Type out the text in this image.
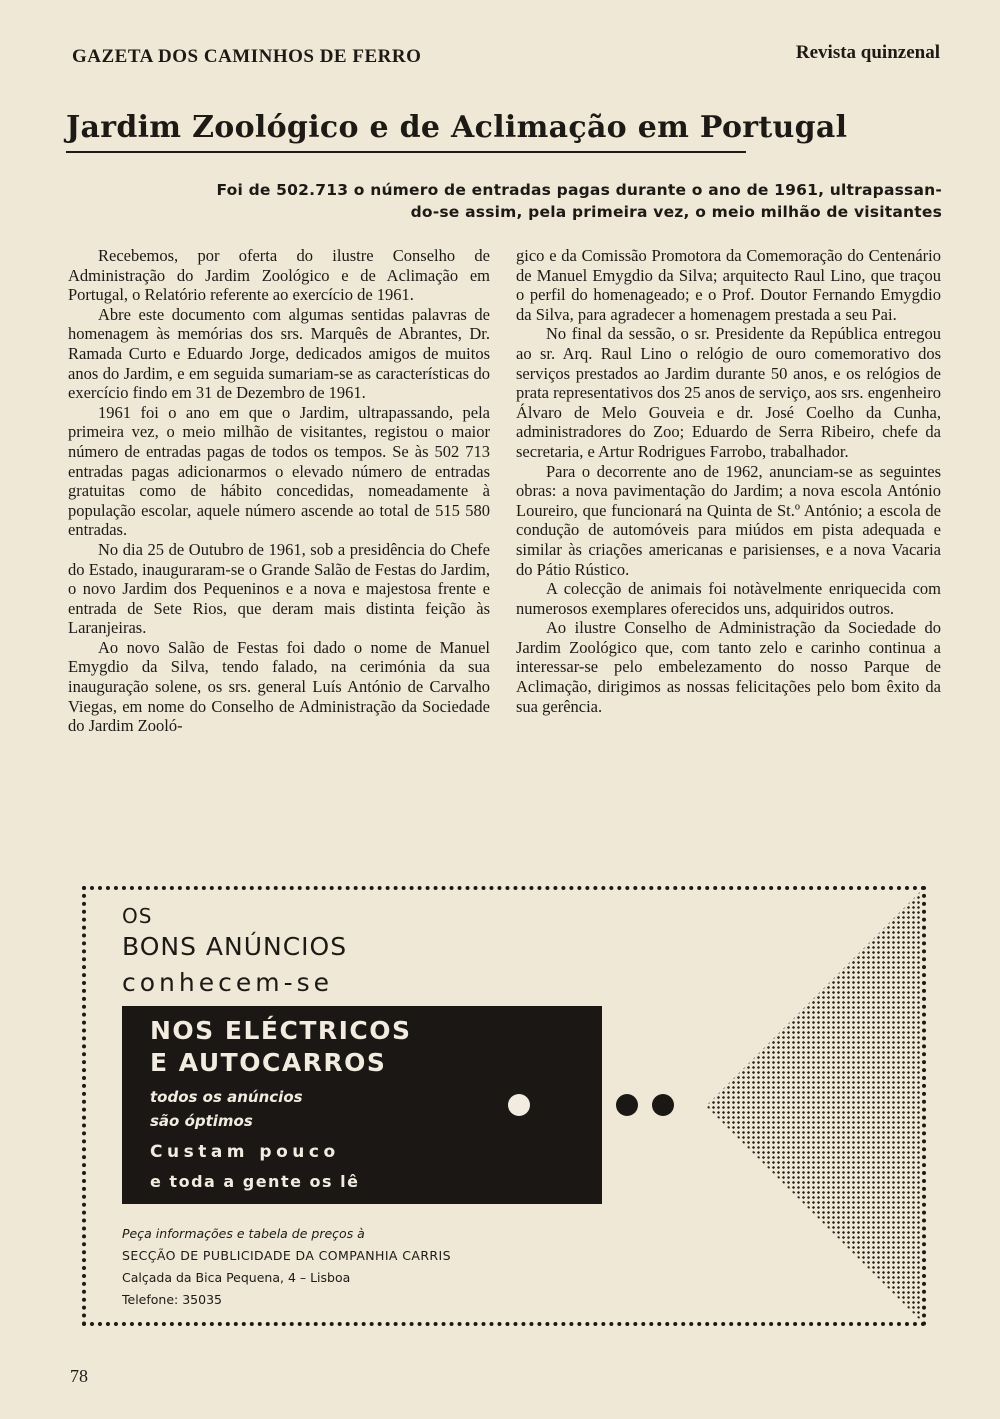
GAZETA DOS CAMINHOS DE FERRO	Revista quinzenal
Jardim Zoológico e de Aclimação em Portugal
Foi de 502.713 o número de entradas pagas durante o ano de 1961, ultrapassan-
do-se assim, pela primeira vez, o meio milhão de visitantes

Recebemos, por oferta do ilustre Conselho de Administração do Jardim Zoológico e de Aclimação em Portugal, o Relatório referente ao exercício de 1961.

Abre este documento com algumas sentidas palavras de homenagem às memórias dos srs. Marquês de Abrantes, Dr. Ramada Curto e Eduardo Jorge, dedicados amigos de muitos anos do Jardim, e em seguida sumariam-se as características do exercício findo em 31 de Dezembro de 1961.

1961 foi o ano em que o Jardim, ultrapassando, pela primeira vez, o meio milhão de visitantes, registou o maior número de entradas pagas de todos os tempos. Se às 502 713 entradas pagas adicionarmos o elevado número de entradas gratuitas como de hábito concedidas, nomeadamente à população escolar, aquele número ascende ao total de 515 580 entradas.

No dia 25 de Outubro de 1961, sob a presidência do Chefe do Estado, inauguraram-se o Grande Salão de Festas do Jardim, o novo Jardim dos Pequeninos e a nova e majestosa frente e entrada de Sete Rios, que deram mais distinta feição às Laranjeiras.

Ao novo Salão de Festas foi dado o nome de Manuel Emygdio da Silva, tendo falado, na cerimónia da sua inauguração solene, os srs. general Luís António de Carvalho Viegas, em nome do Conselho de Administração da Sociedade do Jardim Zooló-

gico e da Comissão Promotora da Comemoração do Centenário de Manuel Emygdio da Silva; arquitecto Raul Lino, que traçou o perfil do homenageado; e o Prof. Doutor Fernando Emygdio da Silva, para agradecer a homenagem prestada a seu Pai.

No final da sessão, o sr. Presidente da República entregou ao sr. Arq. Raul Lino o relógio de ouro comemorativo dos serviços prestados ao Jardim durante 50 anos, e os relógios de prata representativos dos 25 anos de serviço, aos srs. engenheiro Álvaro de Melo Gouveia e dr. José Coelho da Cunha, administradores do Zoo; Eduardo de Serra Ribeiro, chefe da secretaria, e Artur Rodrigues Farrobo, trabalhador.

Para o decorrente ano de 1962, anunciam-se as seguintes obras: a nova pavimentação do Jardim; a nova escola António Loureiro, que funcionará na Quinta de St.º António; a escola de condução de automóveis para miúdos em pista adequada e similar às criações americanas e parisienses, e a nova Vacaria do Pátio Rústico.

A colecção de animais foi notàvelmente enriquecida com numerosos exemplares oferecidos uns, adquiridos outros.

Ao ilustre Conselho de Administração da Sociedade do Jardim Zoológico que, com tanto zelo e carinho continua a interessar-se pelo embelezamento do nosso Parque de Aclimação, dirigimos as nossas felicitações pelo bom êxito da sua gerência.

OS
BONS ANÚNCIOS
conhecem-se
NOS ELÉCTRICOS
E AUTOCARROS
todos os anúncios
são óptimos
Custam pouco
e toda a gente os lê
Peça informações e tabela de preços à
SECÇÃO DE PUBLICIDADE DA COMPANHIA CARRIS
Calçada da Bica Pequena, 4 – Lisboa
Telefone: 35035
78
